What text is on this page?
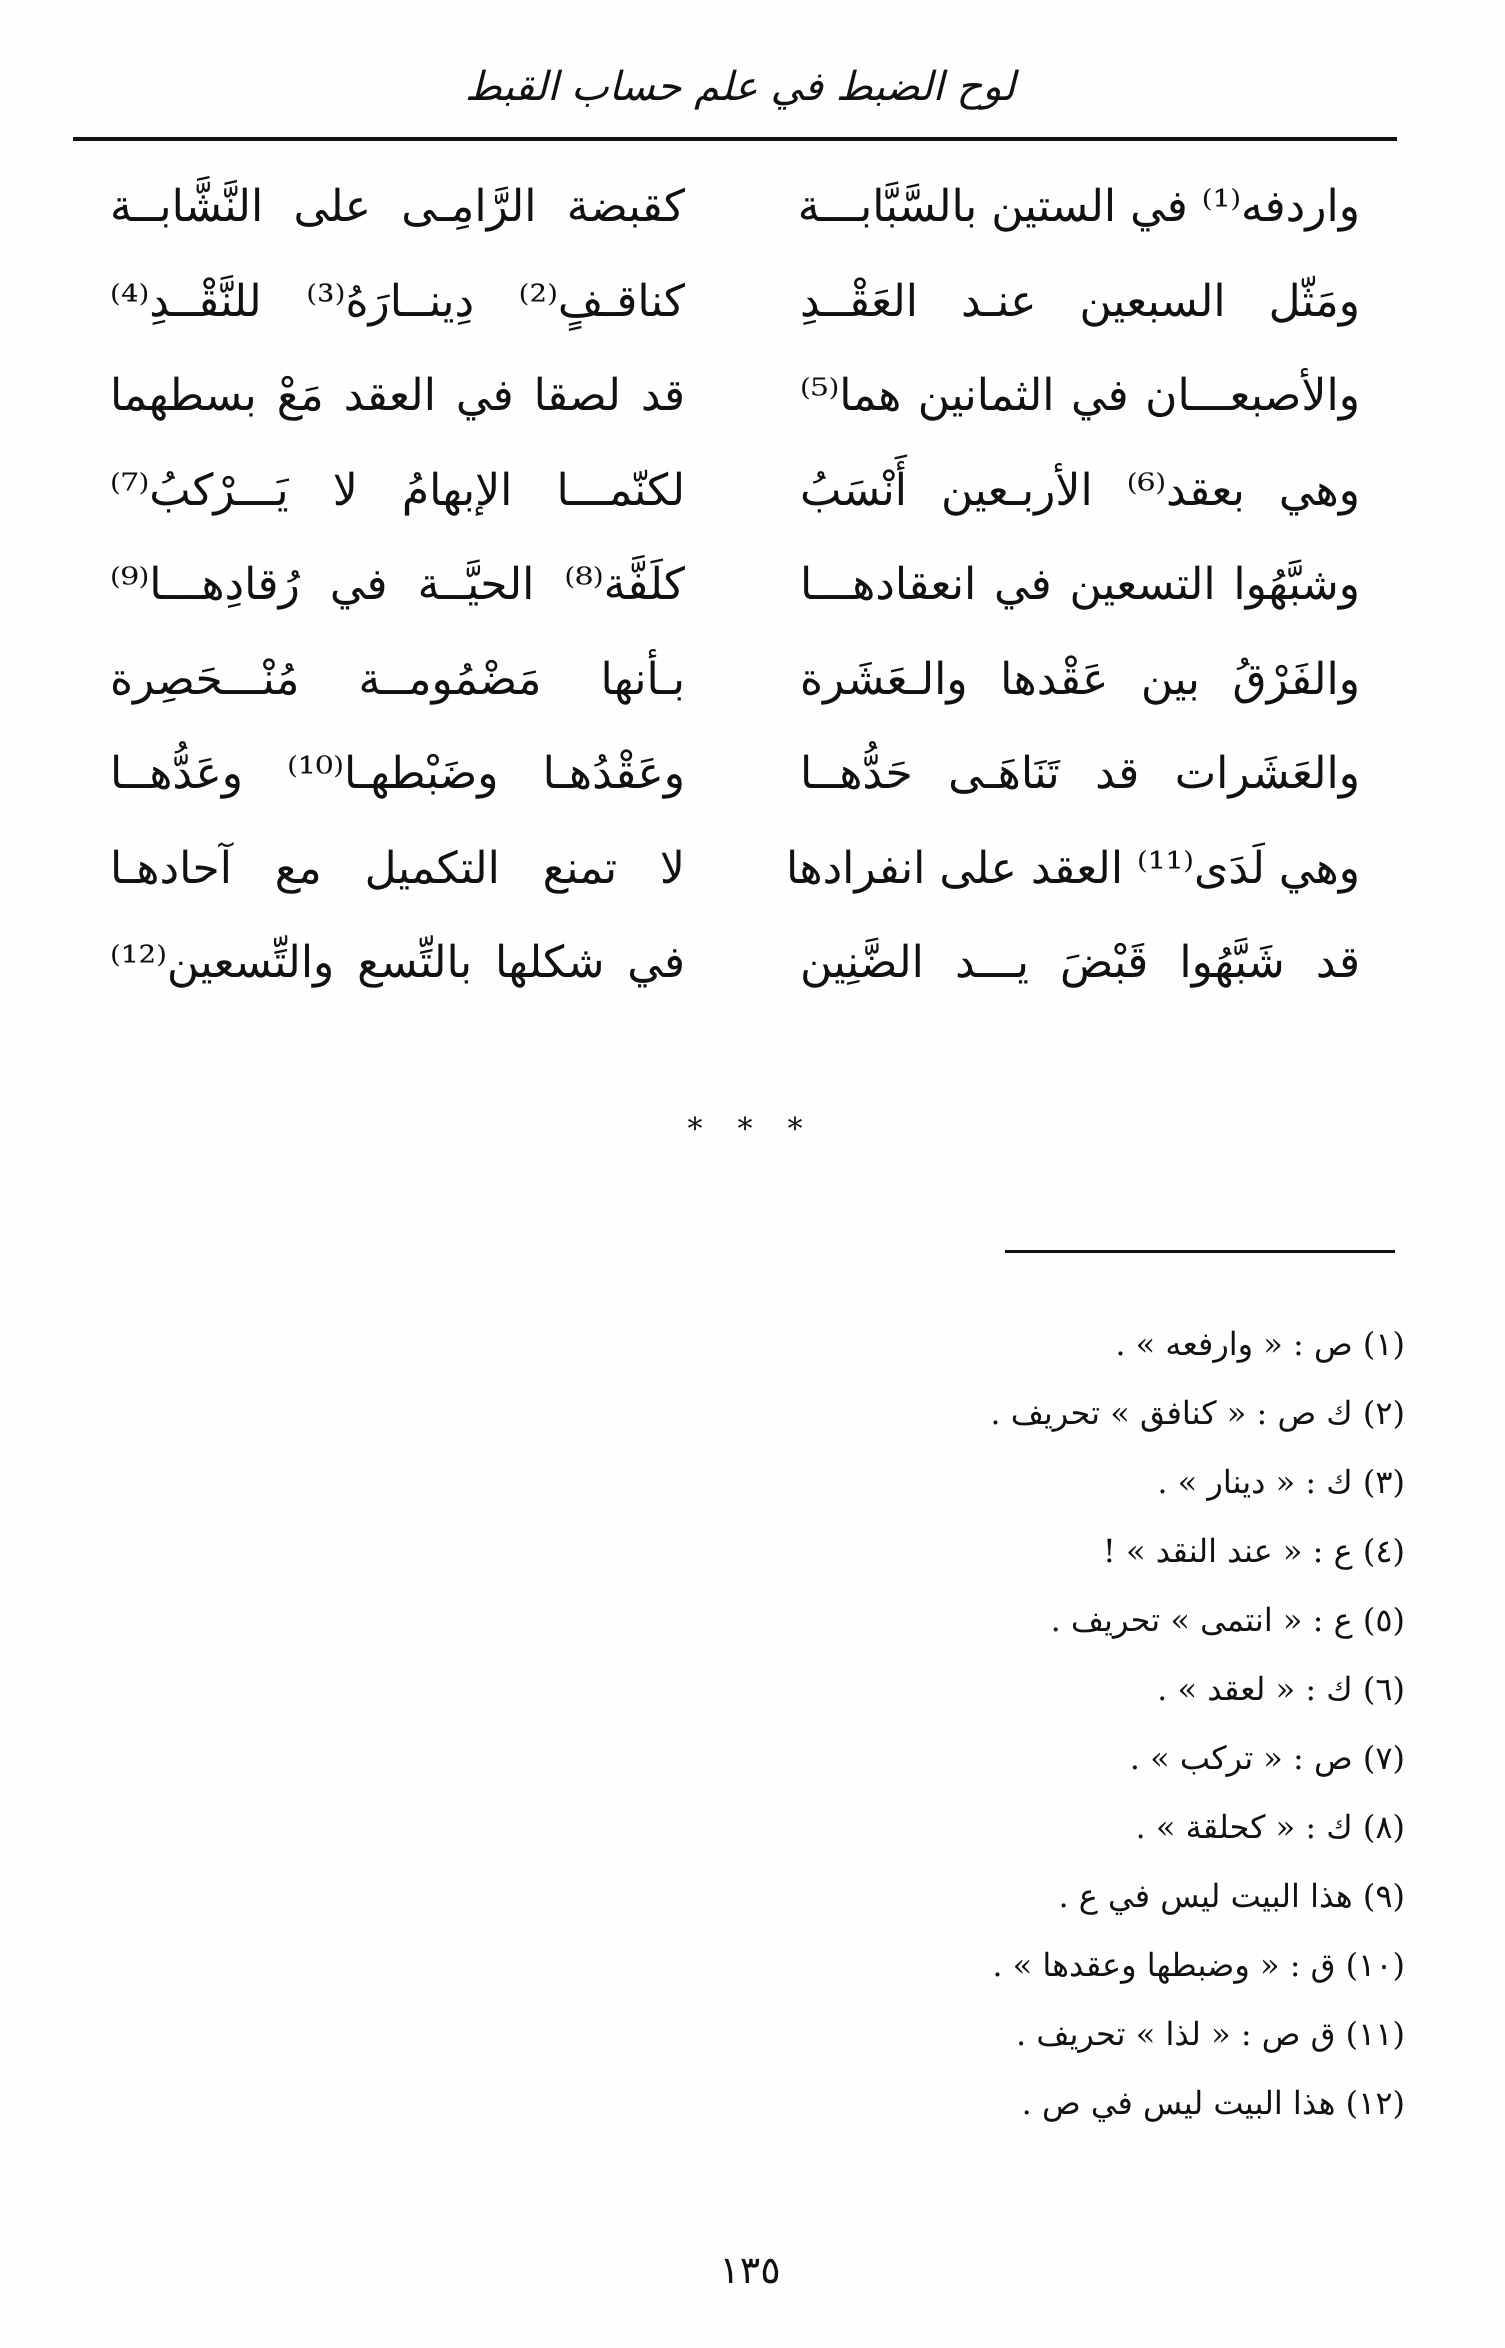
لوح الضبط في علم حساب القبط
واردفه⁽¹⁾ في الستين بالسَّبَّابـــة
كقبضة الرَّامِـى على النَّشَّابــة
ومَثّل السبعين عنـد العَقْــدِ
كناقـفٍ⁽²⁾ دِينــارَهُ⁽³⁾ للنَّقْــدِ⁽⁴⁾
والأصبعـــان في الثمانين هما⁽⁵⁾
قد لصقا في العقد مَعْ بسطهما
وهي بعقد⁽⁶⁾ الأربـعين أَنْسَبُ
لكنّمـــا الإبهامُ لا يَـــرْكبُ⁽⁷⁾
وشبَّهُوا التسعين في انعقادهـــا
كلَفَّة⁽⁸⁾ الحيَّــة في رُقادِهـــا⁽⁹⁾
والفَرْقُ بين عَقْدها والـعَشَرة
بـأنها مَضْمُومــة مُنْـــحَصِرة
والعَشَرات قد تَنَاهَـى حَدُّهــا
وعَقْدُهـا وضَبْطهـا⁽¹⁰⁾ وعَدُّهــا
وهي لَدَى⁽¹¹⁾ العقد على انفرادها
لا تمنع التكميل مع آحادهـا
قد شَبَّهُوا قَبْضَ يـــد الضَّنِين
في شكلها بالتِّسع والتِّسعين⁽¹²⁾
* * *
(١) ص : « وارفعه » .
(٢) ك ص : « كنافق » تحريف .
(٣) ك : « دينار » .
(٤) ع : « عند النقد » !
(٥) ع : « انتمى » تحريف .
(٦) ك : « لعقد » .
(٧) ص : « تركب » .
(٨) ك : « كحلقة » .
(٩) هذا البيت ليس في ع .
(١٠) ق : « وضبطها وعقدها » .
(١١) ق ص : « لذا » تحريف .
(١٢) هذا البيت ليس في ص .
١٣٥
